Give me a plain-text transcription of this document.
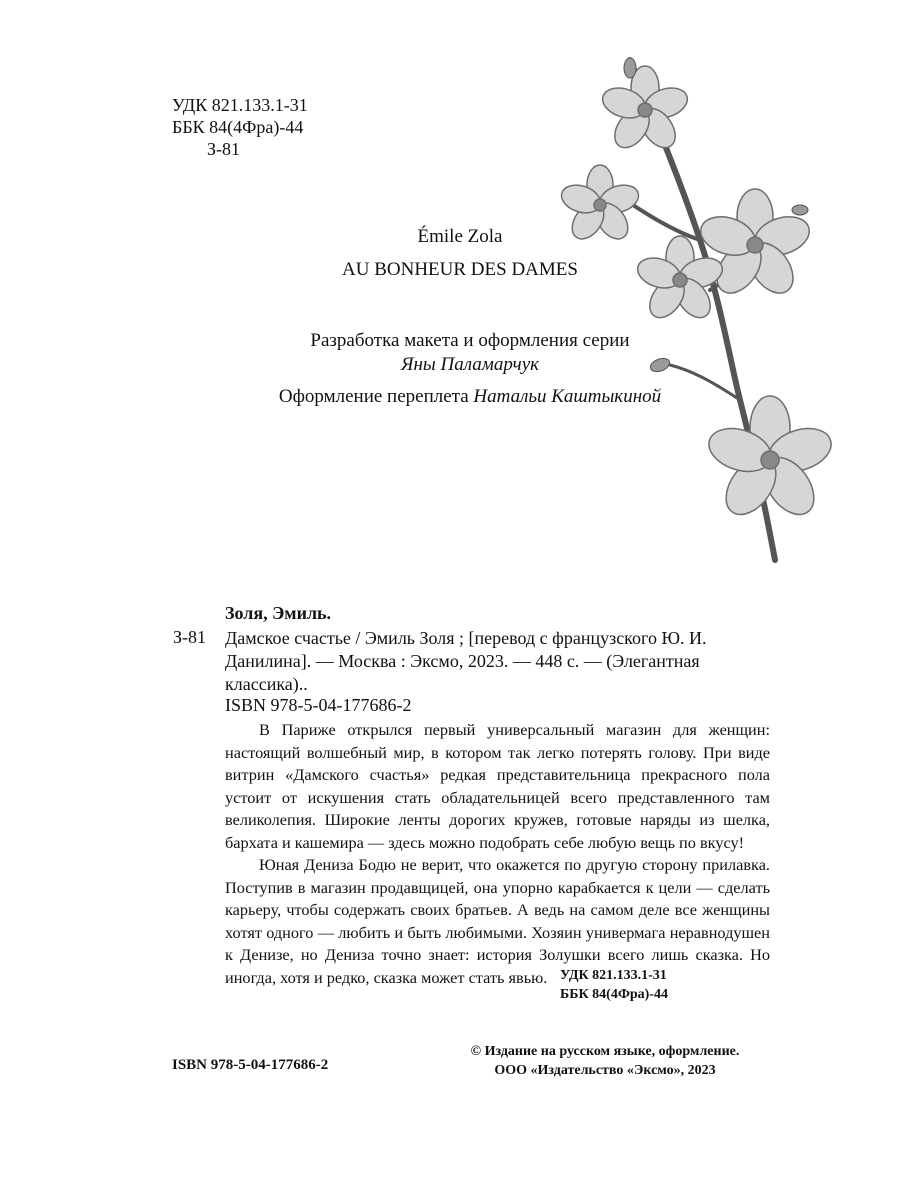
УДК 821.133.1-31
ББК 84(4Фра)-44
З-81
Émile Zola
AU BONHEUR DES DAMES
Разработка макета и оформления серии
Яны Паламарчук
Оформление переплета Натальи Каштыкиной
Золя, Эмиль.
З-81 Дамское счастье / Эмиль Золя ; [перевод с французского Ю. И. Данилина]. — Москва : Эксмо, 2023. — 448 с. — (Элегантная классика)..
ISBN 978-5-04-177686-2

В Париже открылся первый универсальный магазин для женщин: настоящий волшебный мир, в котором так легко потерять голову. При виде витрин «Дамского счастья» редкая представительница прекрасного пола устоит от искушения стать обладательницей всего представленного там великолепия. Широкие ленты дорогих кружев, готовые наряды из шелка, бархата и кашемира — здесь можно подобрать себе любую вещь по вкусу!

Юная Дениза Бодю не верит, что окажется по другую сторону прилавка. Поступив в магазин продавщицей, она упорно карабкается к цели — сделать карьеру, чтобы содержать своих братьев. А ведь на самом деле все женщины хотят одного — любить и быть любимыми. Хозяин универмага неравнодушен к Денизе, но Дениза точно знает: история Золушки всего лишь сказка. Но иногда, хотя и редко, сказка может стать явью. УДК 821.133.1-31
ББК 84(4Фра)-44
ISBN 978-5-04-177686-2
© Издание на русском языке, оформление.
ООО «Издательство «Эксмо», 2023
